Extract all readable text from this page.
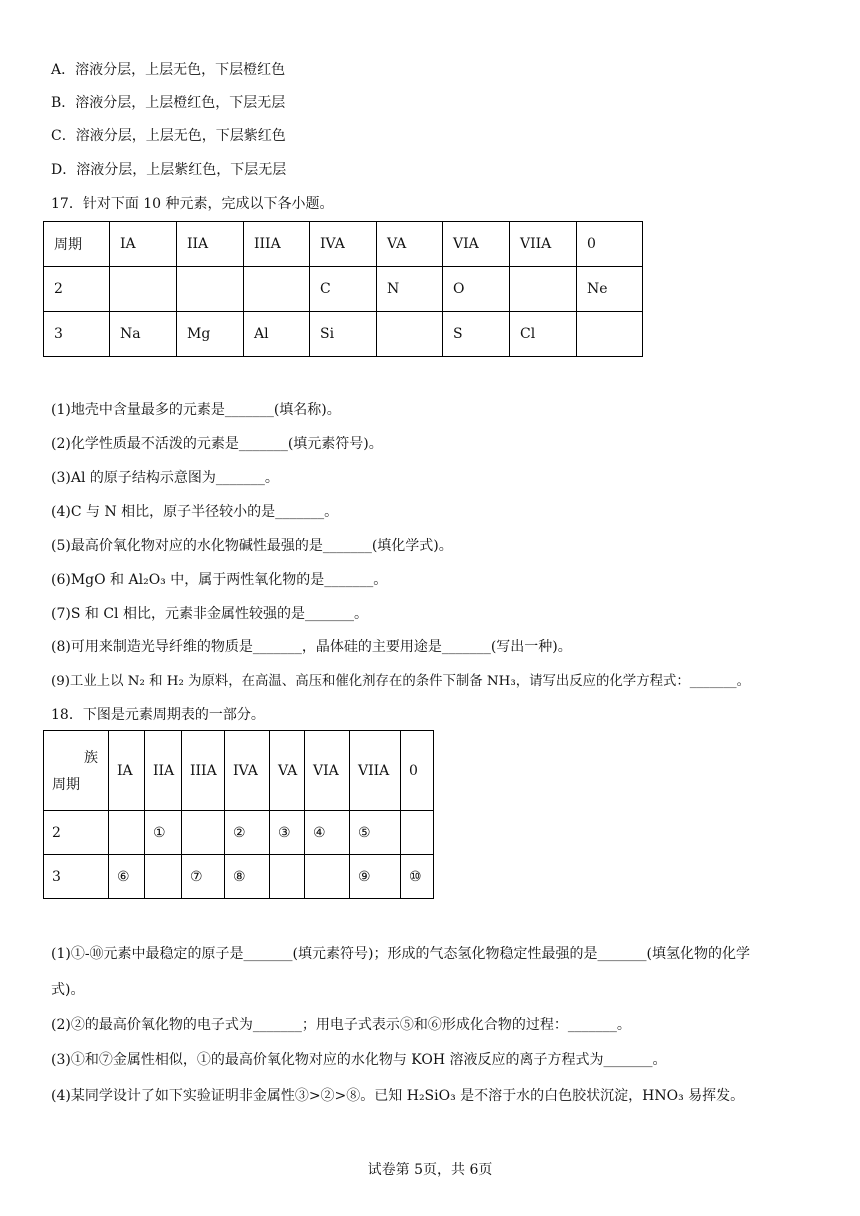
A．溶液分层，上层无色，下层橙红色
B．溶液分层，上层橙红色，下层无层
C．溶液分层，上层无色，下层紫红色
D．溶液分层，上层紫红色，下层无层
17．针对下面 10 种元素，完成以下各小题。
周期	IA	IIA	IIIA	IVA	VA	VIA	VIIA	0
2				C	N	O		Ne
3	Na	Mg	Al	Si		S	Cl	
(1)地壳中含量最多的元素是_______(填名称)。
(2)化学性质最不活泼的元素是_______(填元素符号)。
(3)Al 的原子结构示意图为_______。
(4)C 与 N 相比，原子半径较小的是_______。
(5)最高价氧化物对应的水化物碱性最强的是_______(填化学式)。
(6)MgO 和 Al₂O₃ 中，属于两性氧化物的是_______。
(7)S 和 Cl 相比，元素非金属性较强的是_______。
(8)可用来制造光导纤维的物质是_______，晶体硅的主要用途是_______(写出一种)。
(9)工业上以 N₂ 和 H₂ 为原料，在高温、高压和催化剂存在的条件下制备 NH₃，请写出反应的化学方程式：_______。
18．下图是元素周期表的一部分。
族
周期	IA	IIA	IIIA	IVA	VA	VIA	VIIA	0
2		①		②	③	④	⑤	
3	⑥		⑦	⑧			⑨	⑩
(1)①-⑩元素中最稳定的原子是_______(填元素符号)；形成的气态氢化物稳定性最强的是_______(填氢化物的化学
式)。
(2)②的最高价氧化物的电子式为_______；用电子式表示⑤和⑥形成化合物的过程：_______。
(3)①和⑦金属性相似，①的最高价氧化物对应的水化物与 KOH 溶液反应的离子方程式为_______。
(4)某同学设计了如下实验证明非金属性③>②>⑧。已知 H₂SiO₃ 是不溶于水的白色胶状沉淀，HNO₃ 易挥发。
试卷第 5页，共 6页
